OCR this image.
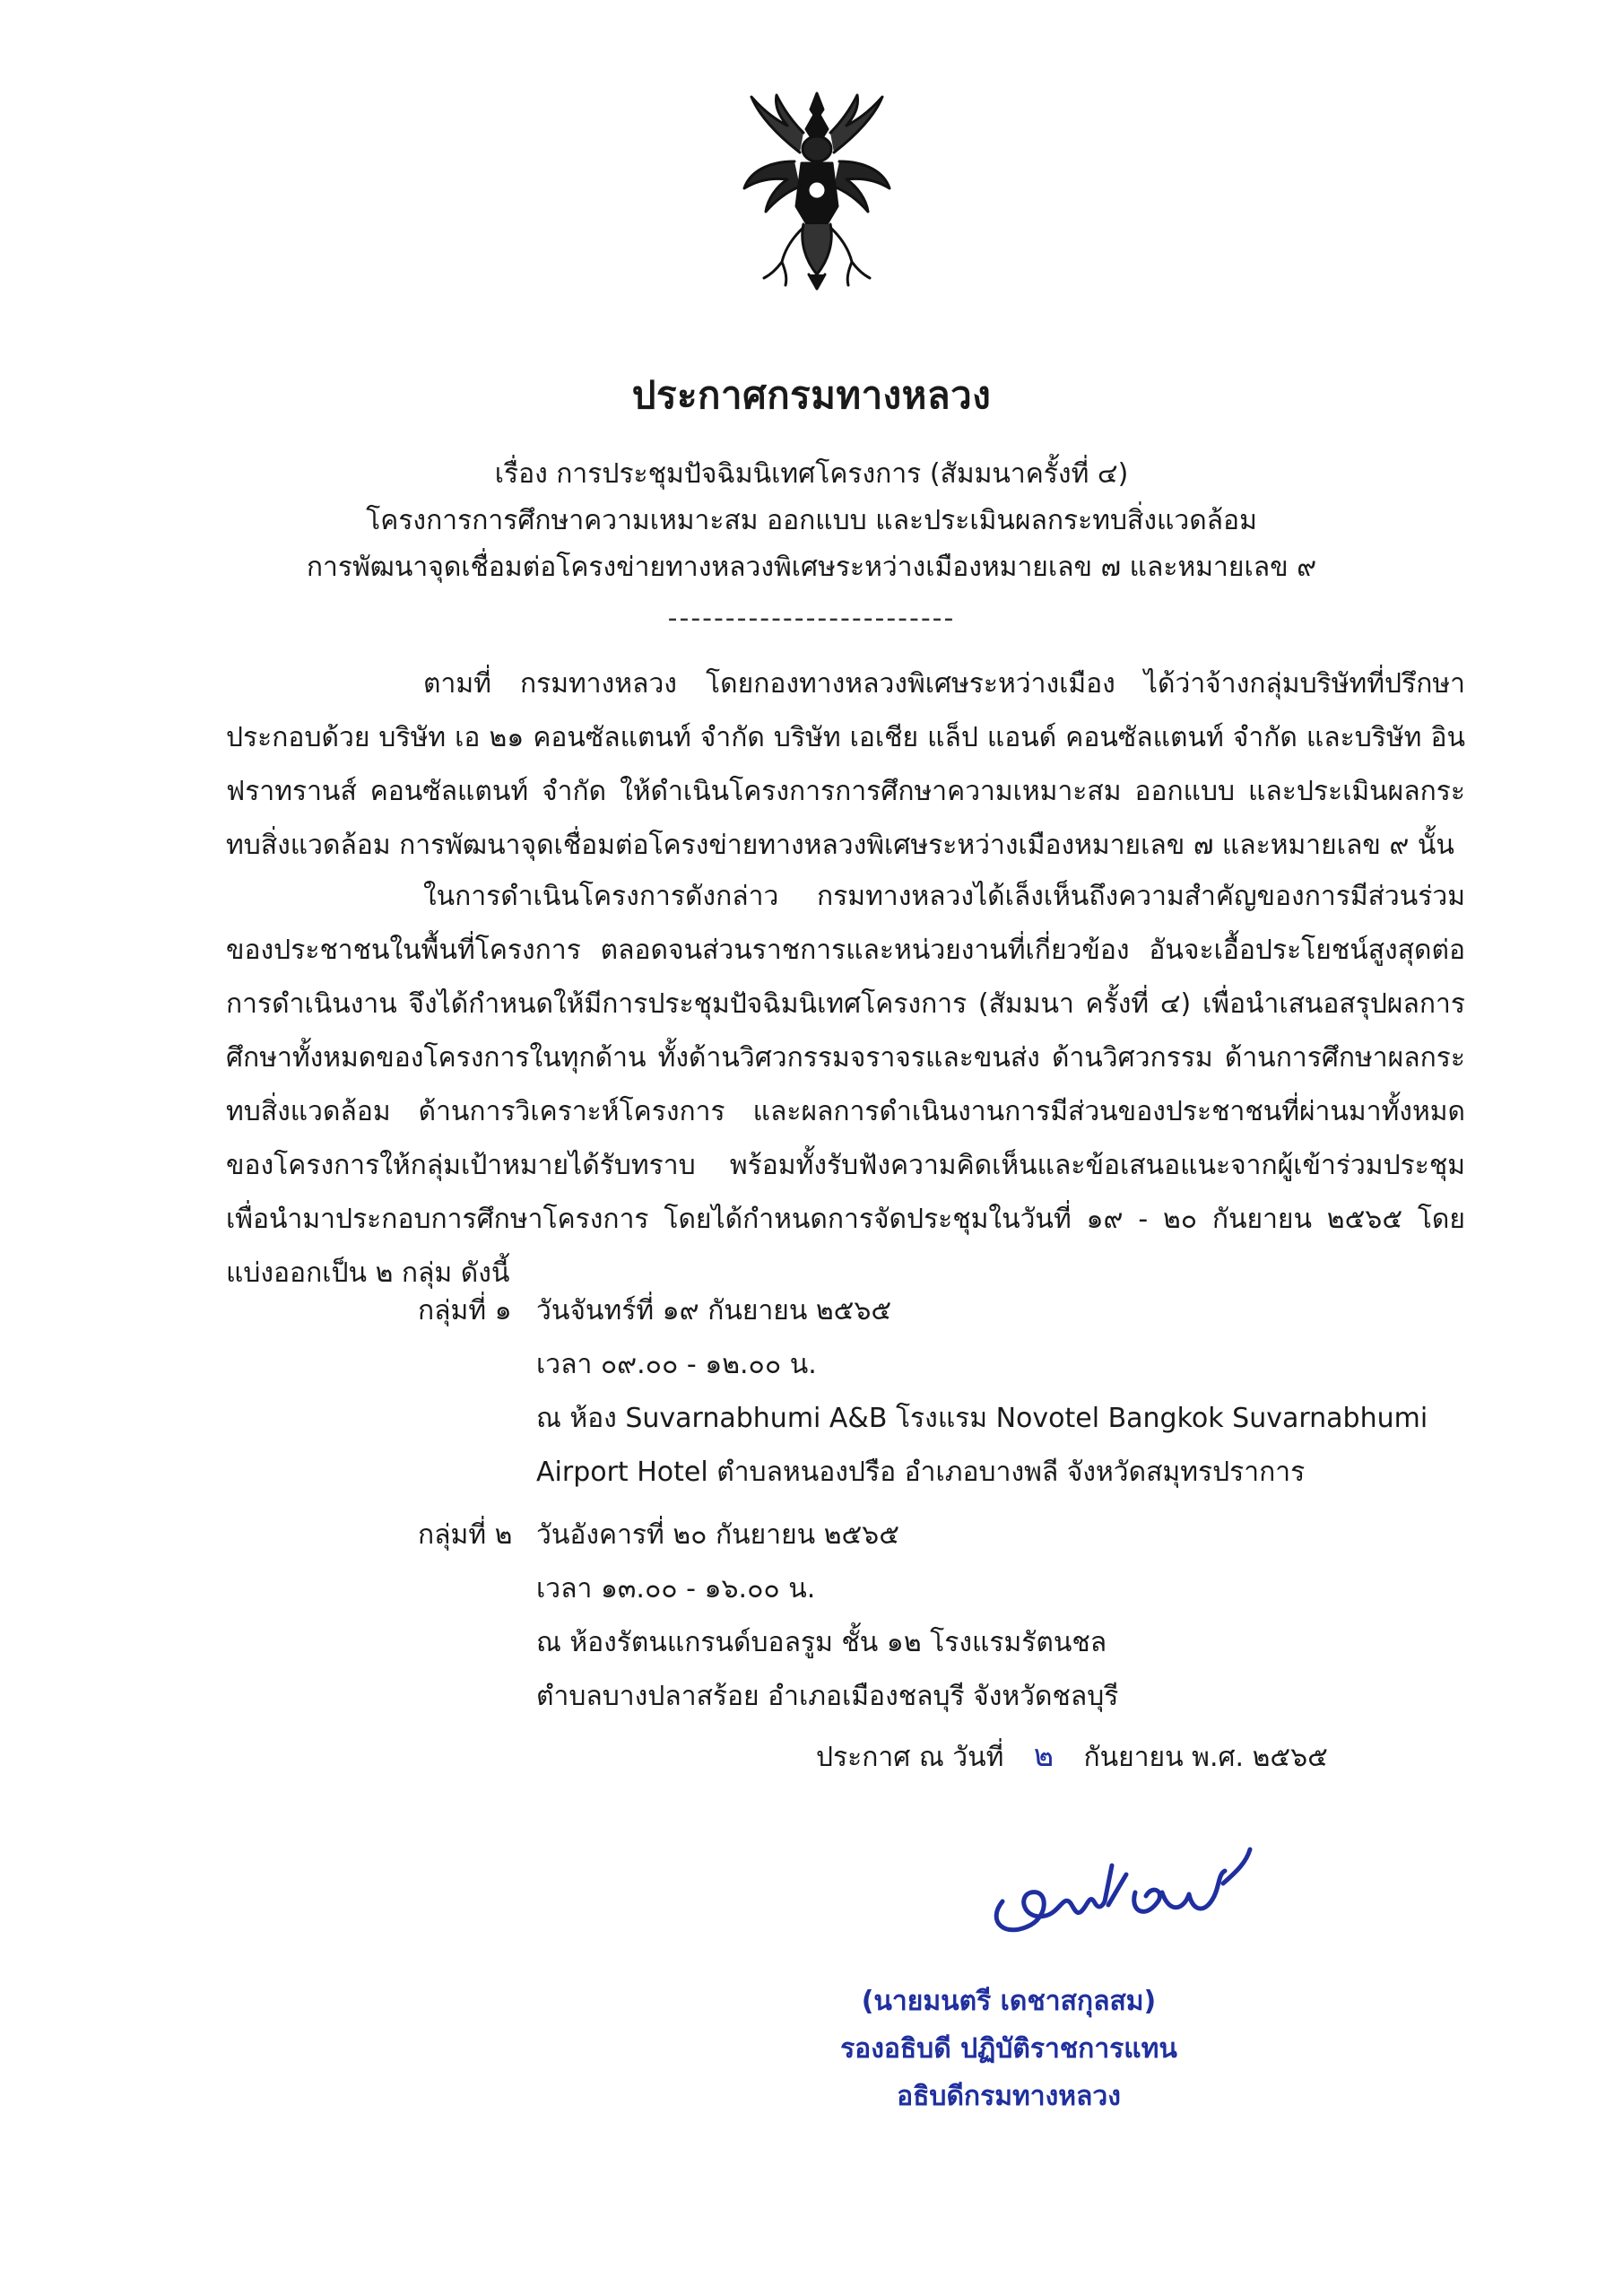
ประกาศกรมทางหลวง
เรื่อง การประชุมปัจฉิมนิเทศโครงการ (สัมมนาครั้งที่ ๔)
โครงการการศึกษาความเหมาะสม ออกแบบ และประเมินผลกระทบสิ่งแวดล้อม
การพัฒนาจุดเชื่อมต่อโครงข่ายทางหลวงพิเศษระหว่างเมืองหมายเลข ๗ และหมายเลข ๙
-------------------------
ตามที่ กรมทางหลวง โดยกองทางหลวงพิเศษระหว่างเมือง ได้ว่าจ้างกลุ่มบริษัทที่ปรึกษา ประกอบด้วย บริษัท เอ ๒๑ คอนซัลแตนท์ จำกัด บริษัท เอเชีย แล็ป แอนด์ คอนซัลแตนท์ จำกัด และบริษัท อินฟราทรานส์ คอนซัลแตนท์ จำกัด ให้ดำเนินโครงการการศึกษาความเหมาะสม ออกแบบ และประเมินผลกระทบสิ่งแวดล้อม การพัฒนาจุดเชื่อมต่อโครงข่ายทางหลวงพิเศษระหว่างเมืองหมายเลข ๗ และหมายเลข ๙ นั้น
ในการดำเนินโครงการดังกล่าว กรมทางหลวงได้เล็งเห็นถึงความสำคัญของการมีส่วนร่วมของประชาชนในพื้นที่โครงการ ตลอดจนส่วนราชการและหน่วยงานที่เกี่ยวข้อง อันจะเอื้อประโยชน์สูงสุดต่อการดำเนินงาน จึงได้กำหนดให้มีการประชุมปัจฉิมนิเทศโครงการ (สัมมนา ครั้งที่ ๔) เพื่อนำเสนอสรุปผลการศึกษาทั้งหมดของโครงการในทุกด้าน ทั้งด้านวิศวกรรมจราจรและขนส่ง ด้านวิศวกรรม ด้านการศึกษาผลกระทบสิ่งแวดล้อม ด้านการวิเคราะห์โครงการ และผลการดำเนินงานการมีส่วนของประชาชนที่ผ่านมาทั้งหมดของโครงการให้กลุ่มเป้าหมายได้รับทราบ พร้อมทั้งรับฟังความคิดเห็นและข้อเสนอแนะจากผู้เข้าร่วมประชุม เพื่อนำมาประกอบการศึกษาโครงการ โดยได้กำหนดการจัดประชุมในวันที่ ๑๙ - ๒๐ กันยายน ๒๕๖๕ โดยแบ่งออกเป็น ๒ กลุ่ม ดังนี้
กลุ่มที่ ๑ วันจันทร์ที่ ๑๙ กันยายน ๒๕๖๕
เวลา ๐๙.๐๐ - ๑๒.๐๐ น.
ณ ห้อง Suvarnabhumi A&B โรงแรม Novotel Bangkok Suvarnabhumi
Airport Hotel ตำบลหนองปรือ อำเภอบางพลี จังหวัดสมุทรปราการ
กลุ่มที่ ๒ วันอังคารที่ ๒๐ กันยายน ๒๕๖๕
เวลา ๑๓.๐๐ - ๑๖.๐๐ น.
ณ ห้องรัตนแกรนด์บอลรูม ชั้น ๑๒ โรงแรมรัตนชล
ตำบลบางปลาสร้อย อำเภอเมืองชลบุรี จังหวัดชลบุรี
ประกาศ ณ วันที่ ๒ กันยายน พ.ศ. ๒๕๖๕
(นายมนตรี เดชาสกุลสม)
รองอธิบดี ปฏิบัติราชการแทน
อธิบดีกรมทางหลวง
